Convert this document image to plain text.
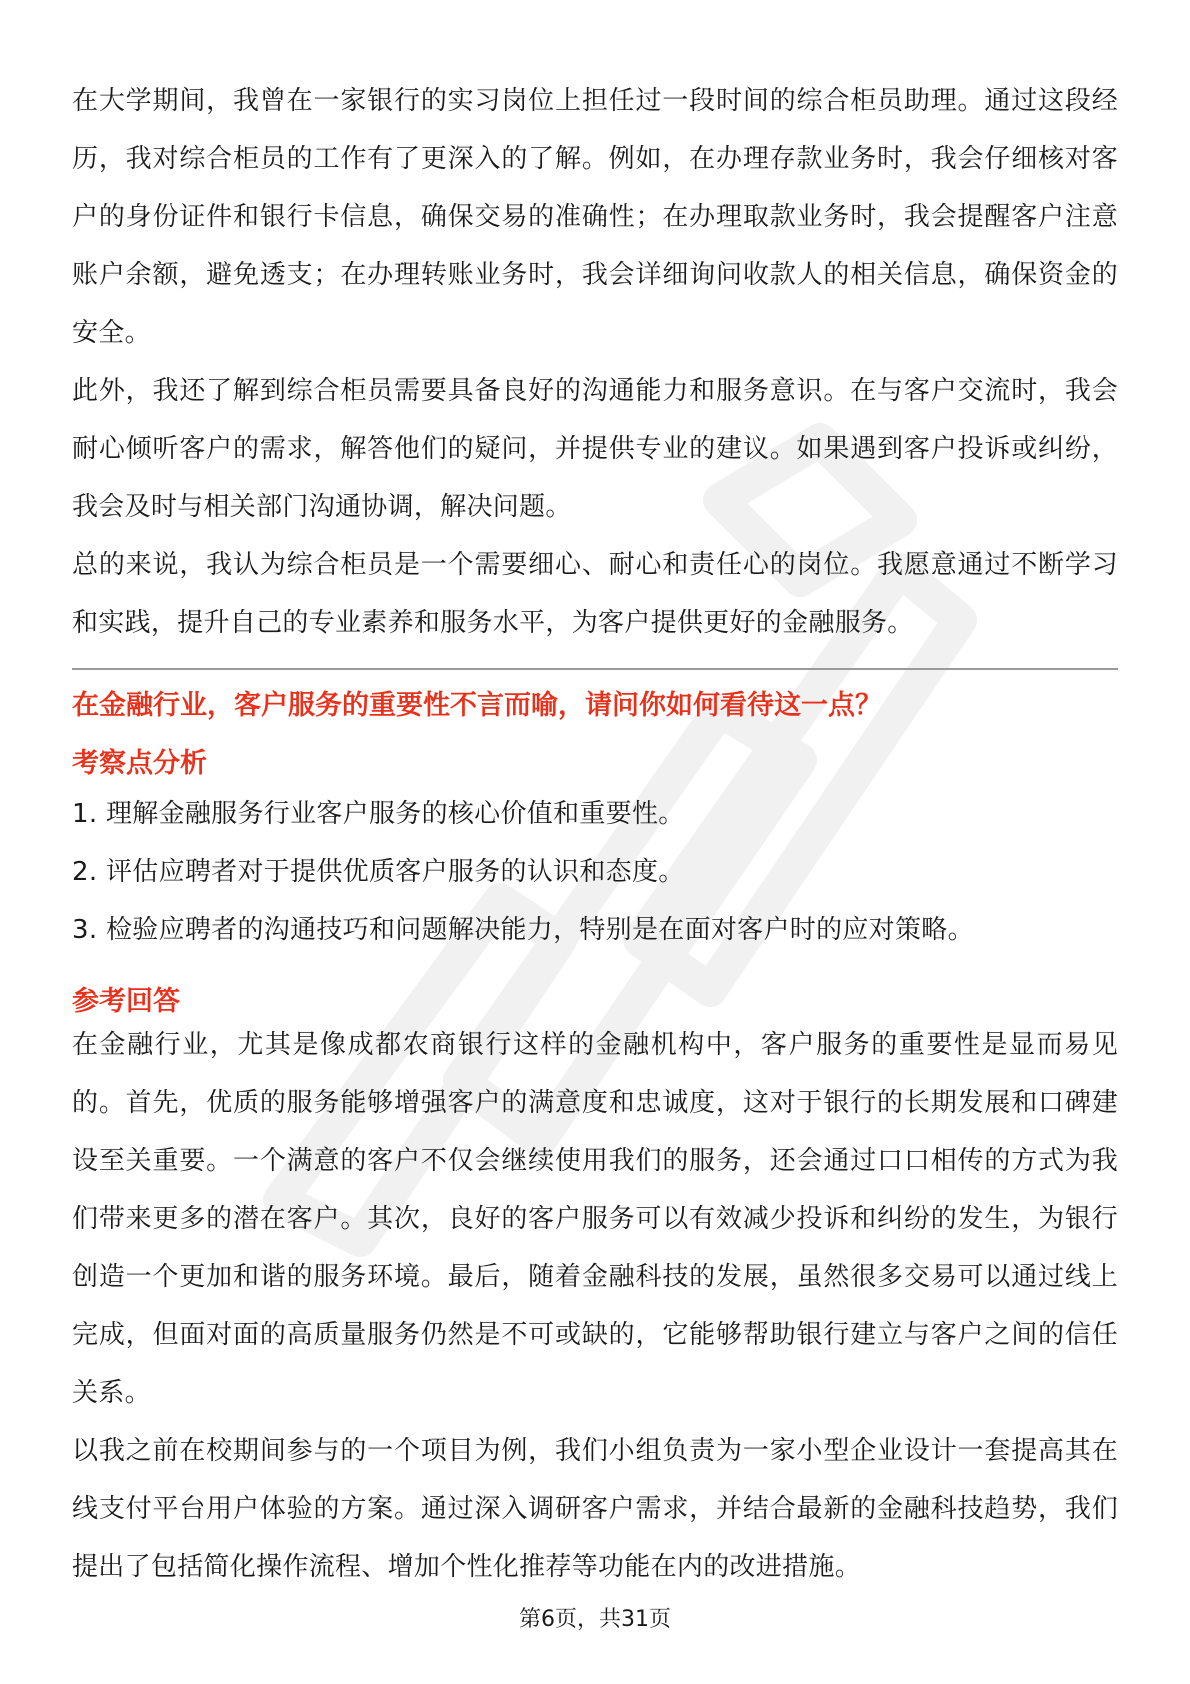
在大学期间，我曾在一家银行的实习岗位上担任过一段时间的综合柜员助理。通过这段经历，我对综合柜员的工作有了更深入的了解。例如，在办理存款业务时，我会仔细核对客户的身份证件和银行卡信息，确保交易的准确性；在办理取款业务时，我会提醒客户注意账户余额，避免透支；在办理转账业务时，我会详细询问收款人的相关信息，确保资金的安全。

此外，我还了解到综合柜员需要具备良好的沟通能力和服务意识。在与客户交流时，我会耐心倾听客户的需求，解答他们的疑问，并提供专业的建议。如果遇到客户投诉或纠纷，我会及时与相关部门沟通协调，解决问题。

总的来说，我认为综合柜员是一个需要细心、耐心和责任心的岗位。我愿意通过不断学习和实践，提升自己的专业素养和服务水平，为客户提供更好的金融服务。

在金融行业，客户服务的重要性不言而喻，请问你如何看待这一点？

考察点分析

1. 理解金融服务行业客户服务的核心价值和重要性。

2. 评估应聘者对于提供优质客户服务的认识和态度。

3. 检验应聘者的沟通技巧和问题解决能力，特别是在面对客户时的应对策略。

参考回答

在金融行业，尤其是像成都农商银行这样的金融机构中，客户服务的重要性是显而易见的。首先，优质的服务能够增强客户的满意度和忠诚度，这对于银行的长期发展和口碑建设至关重要。一个满意的客户不仅会继续使用我们的服务，还会通过口口相传的方式为我们带来更多的潜在客户。其次，良好的客户服务可以有效减少投诉和纠纷的发生，为银行创造一个更加和谐的服务环境。最后，随着金融科技的发展，虽然很多交易可以通过线上完成，但面对面的高质量服务仍然是不可或缺的，它能够帮助银行建立与客户之间的信任关系。

以我之前在校期间参与的一个项目为例，我们小组负责为一家小型企业设计一套提高其在线支付平台用户体验的方案。通过深入调研客户需求，并结合最新的金融科技趋势，我们提出了包括简化操作流程、增加个性化推荐等功能在内的改进措施。

第6页，共31页
